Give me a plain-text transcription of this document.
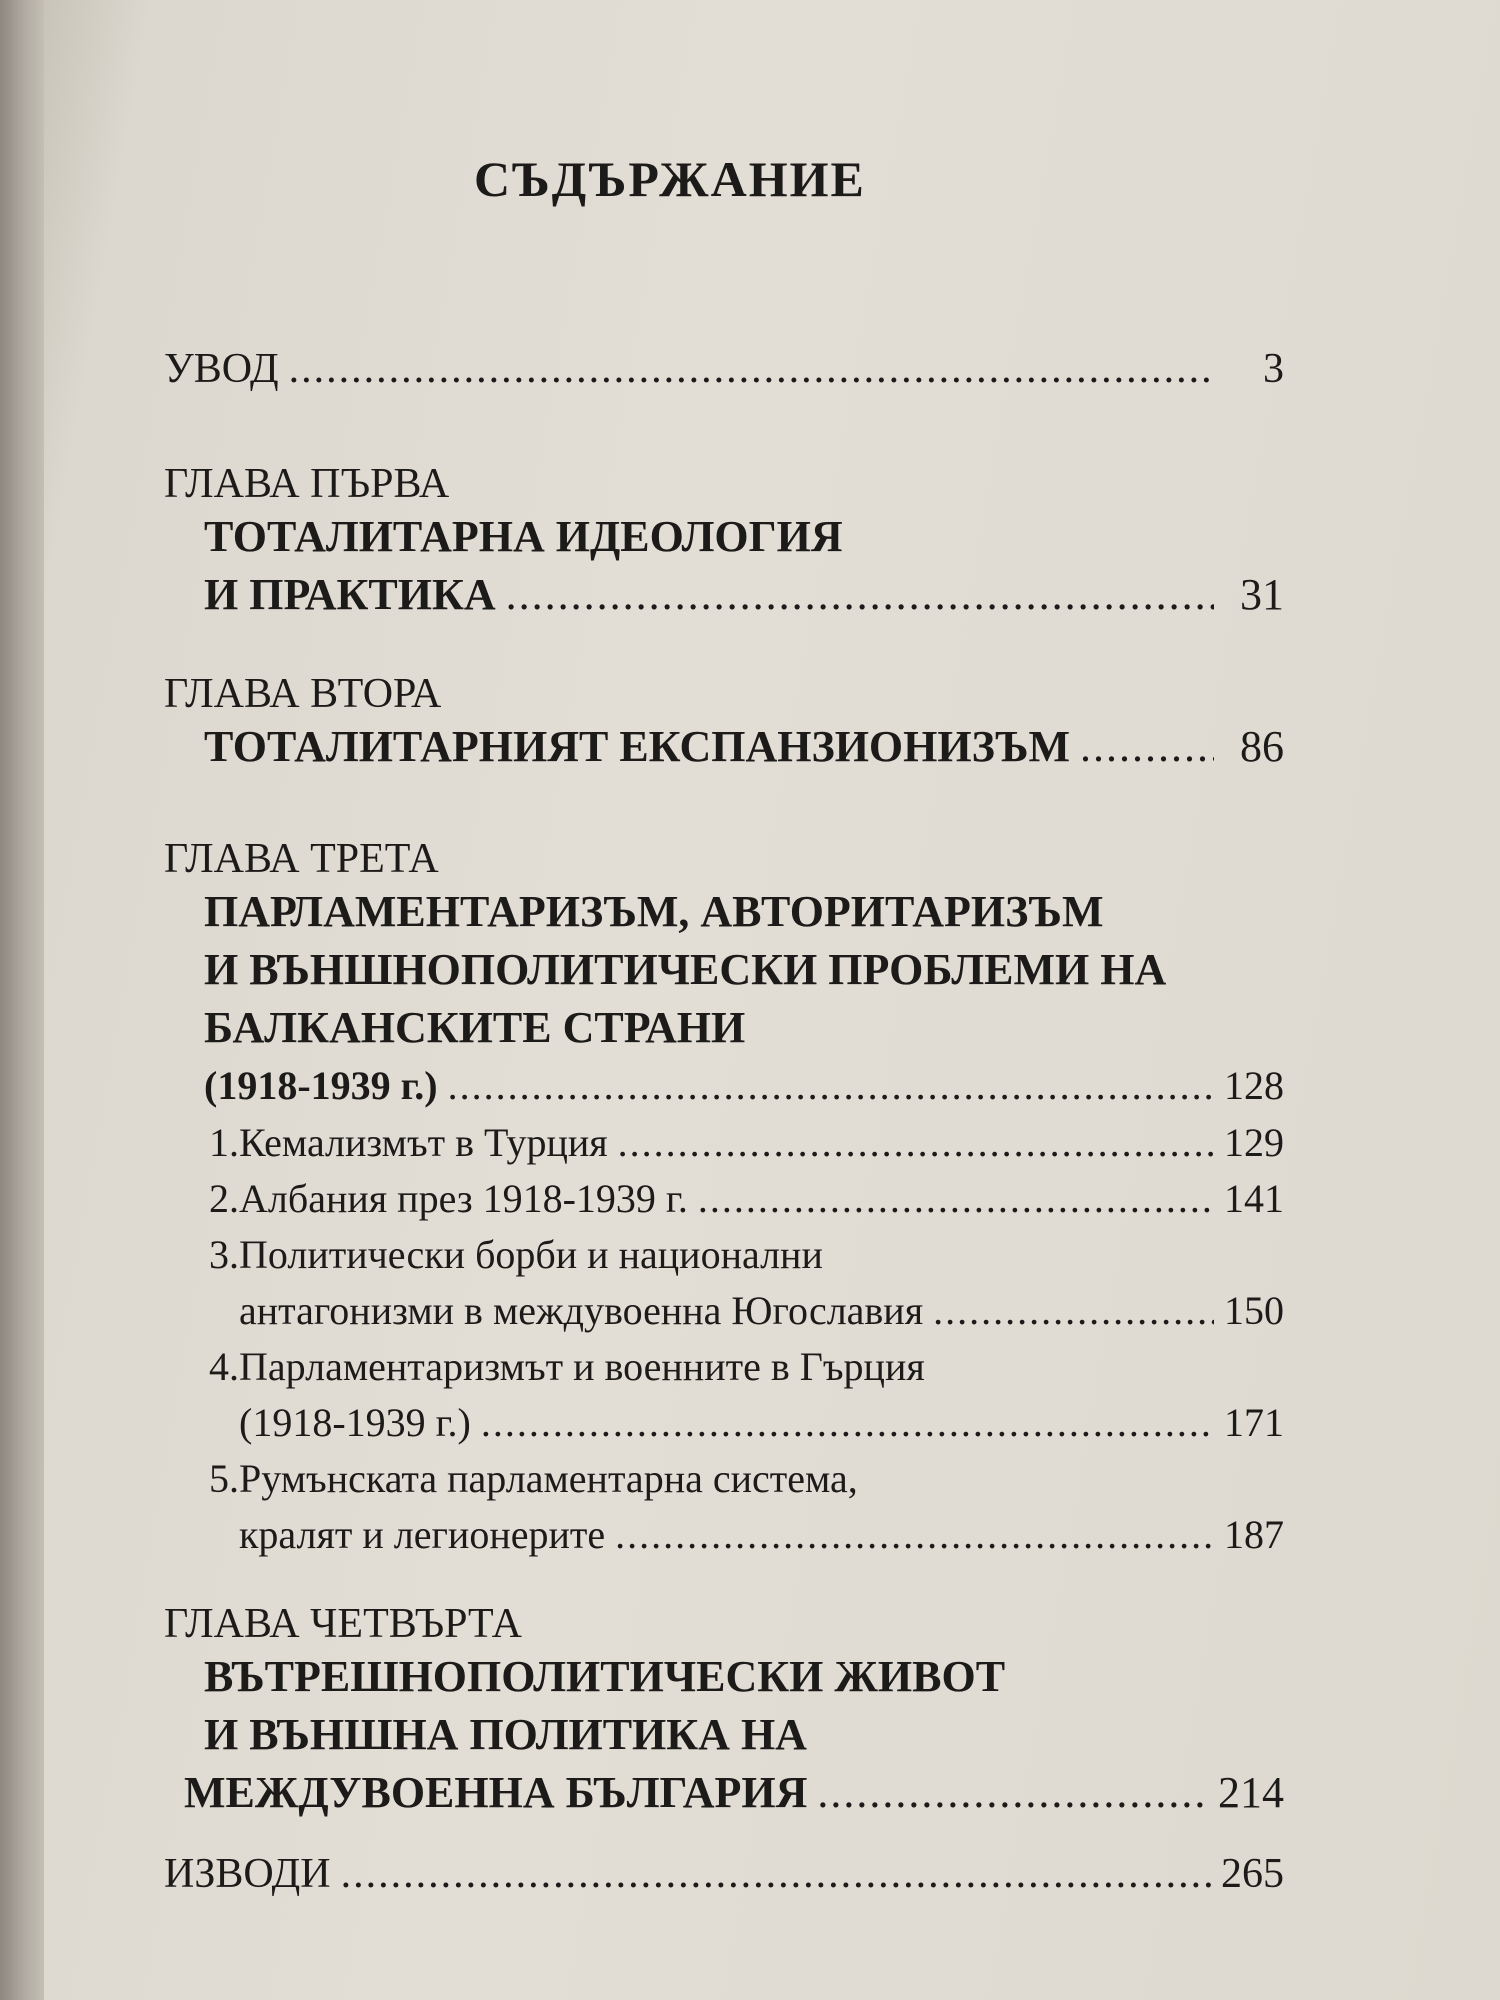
СЪДЪРЖАНИЕ
УВОД .....	3
ГЛАВА ПЪРВА
ТОТАЛИТАРНА ИДЕОЛОГИЯ
И ПРАКТИКА .....	31
ГЛАВА ВТОРА
ТОТАЛИТАРНИЯТ ЕКСПАНЗИОНИЗЪМ .....	86
ГЛАВА ТРЕТА
ПАРЛАМЕНТАРИЗЪМ, АВТОРИТАРИЗЪМ
И ВЪНШНОПОЛИТИЧЕСКИ ПРОБЛЕМИ НА
БАЛКАНСКИТЕ СТРАНИ
(1918-1939 г.) .....	128
1.Кемализмът в Турция .....	129
2.Албания през 1918-1939 г. .....	141
3.Политически борби и национални
антагонизми в междувоенна Югославия .....	150
4.Парламентаризмът и военните в Гърция
(1918-1939 г.) .....	171
5.Румънската парламентарна система,
кралят и легионерите .....	187
ГЛАВА ЧЕТВЪРТА
ВЪТРЕШНОПОЛИТИЧЕСКИ ЖИВОТ
И ВЪНШНА ПОЛИТИКА НА
МЕЖДУВОЕННА БЪЛГАРИЯ .....	214
ИЗВОДИ .....	265
